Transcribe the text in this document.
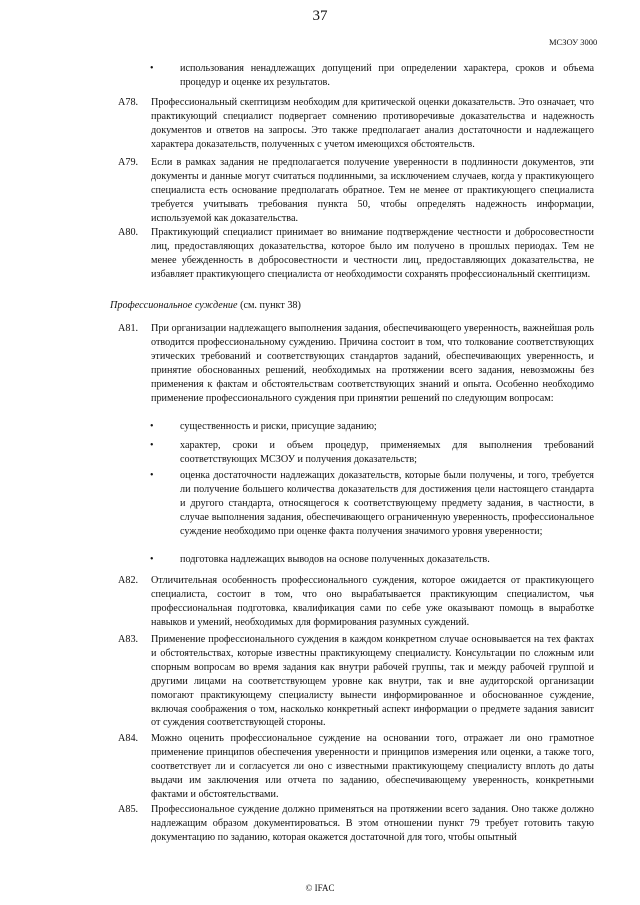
37
МСЗОУ 3000
•	использования ненадлежащих допущений при определении характера, сроков и объема процедур и оценке их результатов.
A78. Профессиональный скептицизм необходим для критической оценки доказательств. Это означает, что практикующий специалист подвергает сомнению противоречивые доказательства и надежность документов и ответов на запросы. Это также предполагает анализ достаточности и надлежащего характера доказательств, полученных с учетом имеющихся обстоятельств.
A79. Если в рамках задания не предполагается получение уверенности в подлинности документов, эти документы и данные могут считаться подлинными, за исключением случаев, когда у практикующего специалиста есть основание предполагать обратное. Тем не менее от практикующего специалиста требуется учитывать требования пункта 50, чтобы определять надежность информации, используемой как доказательства.
A80. Практикующий специалист принимает во внимание подтверждение честности и добросовестности лиц, предоставляющих доказательства, которое было им получено в прошлых периодах. Тем не менее убежденность в добросовестности и честности лиц, предоставляющих доказательства, не избавляет практикующего специалиста от необходимости сохранять профессиональный скептицизм.
Профессиональное суждение (см. пункт 38)
A81. При организации надлежащего выполнения задания, обеспечивающего уверенность, важнейшая роль отводится профессиональному суждению. Причина состоит в том, что толкование соответствующих этических требований и соответствующих стандартов заданий, обеспечивающих уверенность, и принятие обоснованных решений, необходимых на протяжении всего задания, невозможны без применения к фактам и обстоятельствам соответствующих знаний и опыта. Особенно необходимо применение профессионального суждения при принятии решений по следующим вопросам:
•	существенность и риски, присущие заданию;
•	характер, сроки и объем процедур, применяемых для выполнения требований соответствующих МСЗОУ и получения доказательств;
•	оценка достаточности надлежащих доказательств, которые были получены, и того, требуется ли получение большего количества доказательств для достижения цели настоящего стандарта и другого стандарта, относящегося к соответствующему предмету задания, в частности, в случае выполнения задания, обеспечивающего ограниченную уверенность, профессиональное суждение необходимо при оценке факта получения значимого уровня уверенности;
•	подготовка надлежащих выводов на основе полученных доказательств.
A82. Отличительная особенность профессионального суждения, которое ожидается от практикующего специалиста, состоит в том, что оно вырабатывается практикующим специалистом, чья профессиональная подготовка, квалификация сами по себе уже оказывают помощь в выработке навыков и умений, необходимых для формирования разумных суждений.
A83. Применение профессионального суждения в каждом конкретном случае основывается на тех фактах и обстоятельствах, которые известны практикующему специалисту. Консультации по сложным или спорным вопросам во время задания как внутри рабочей группы, так и между рабочей группой и другими лицами на соответствующем уровне как внутри, так и вне аудиторской организации помогают практикующему специалисту вынести информированное и обоснованное суждение, включая соображения о том, насколько конкретный аспект информации о предмете задания зависит от суждения соответствующей стороны.
A84. Можно оценить профессиональное суждение на основании того, отражает ли оно грамотное применение принципов обеспечения уверенности и принципов измерения или оценки, а также того, соответствует ли и согласуется ли оно с известными практикующему специалисту вплоть до даты выдачи им заключения или отчета по заданию, обеспечивающему уверенность, конкретными фактами и обстоятельствами.
A85. Профессиональное суждение должно применяться на протяжении всего задания. Оно также должно надлежащим образом документироваться. В этом отношении пункт 79 требует готовить такую документацию по заданию, которая окажется достаточной для того, чтобы опытный
© IFAC
